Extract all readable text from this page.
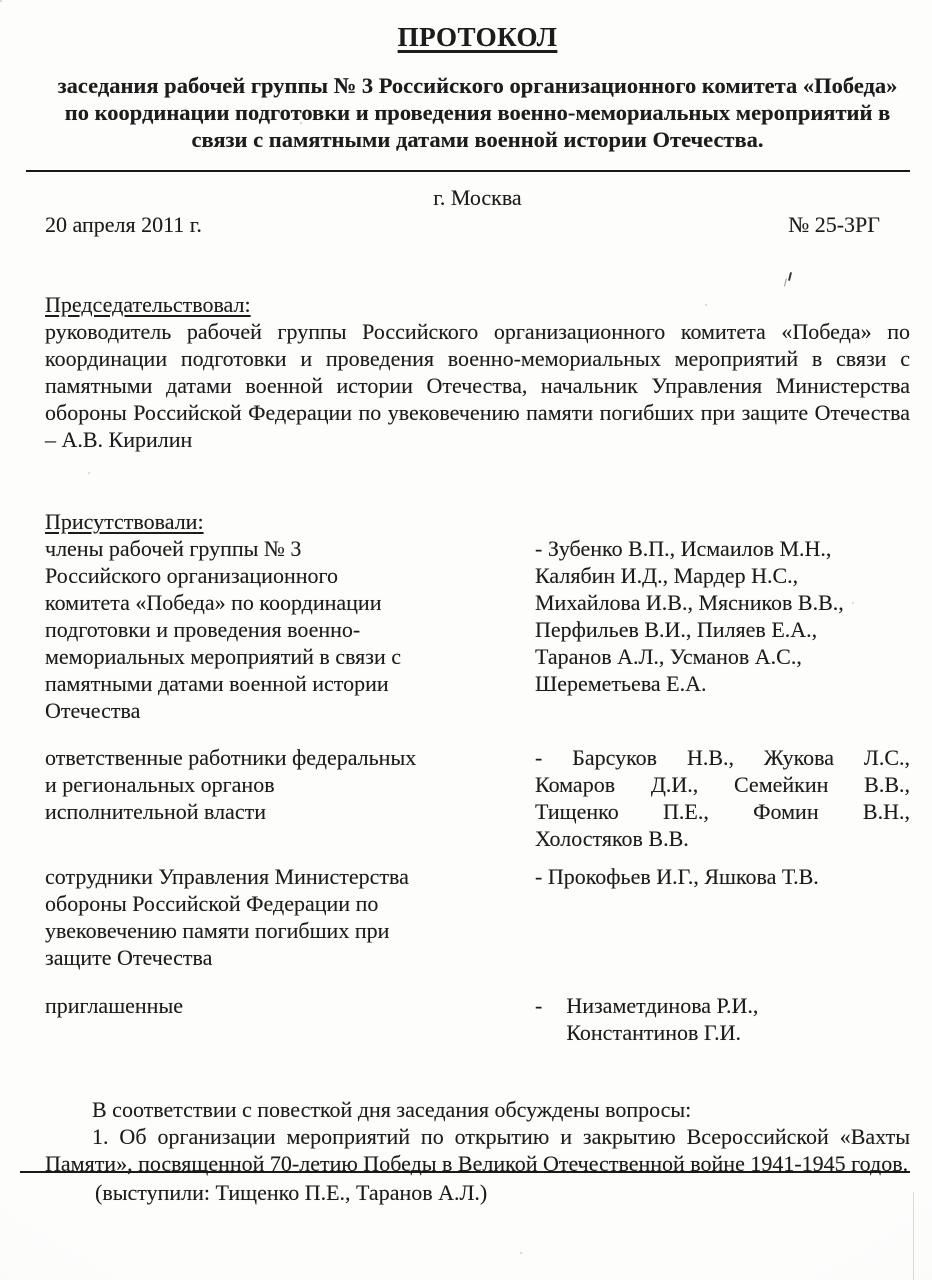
ПРОТОКОЛ

заседания рабочей группы № 3 Российского организационного комитета «Победа» по координации подготовки и проведения военно-мемориальных мероприятий в связи с памятными датами военной истории Отечества.

г. Москва
20 апреля 2011 г.	№ 25-3РГ
Председательствовал:

руководитель рабочей группы Российского организационного комитета «Победа» по координации подготовки и проведения военно-мемориальных мероприятий в связи с памятными датами военной истории Отечества, начальник Управления Министерства обороны Российской Федерации по увековечению памяти погибших при защите Отечества – А.В. Кирилин

Присутствовали:
члены рабочей группы № 3
Российского организационного
комитета «Победа» по координации
подготовки и проведения военно-
мемориальных мероприятий в связи с
памятными датами военной истории
Отечества
- Зубенко В.П., Исмаилов М.Н.,
Калябин И.Д., Мардер Н.С.,
Михайлова И.В., Мясников В.В.,
Перфильев В.И., Пиляев Е.А.,
Таранов А.Л., Усманов А.С.,
Шереметьева Е.А.
ответственные работники федеральных
и региональных органов
исполнительной власти
- Барсуков Н.В., Жукова Л.С.,
Комаров Д.И., Семейкин В.В.,
Тищенко П.Е., Фомин В.Н.,
Холостяков В.В.
сотрудники Управления Министерства
обороны Российской Федерации по
увековечению памяти погибших при
защите Отечества
- Прокофьев И.Г., Яшкова Т.В.
приглашенные	- Низаметдинова Р.И.,
Константинов Г.И.

В соответствии с повесткой дня заседания обсуждены вопросы:

1. Об организации мероприятий по открытию и закрытию Всероссийской «Вахты Памяти», посвященной 70-летию Победы в Великой Отечественной войне 1941-1945 годов.

(выступили: Тищенко П.Е., Таранов А.Л.)
